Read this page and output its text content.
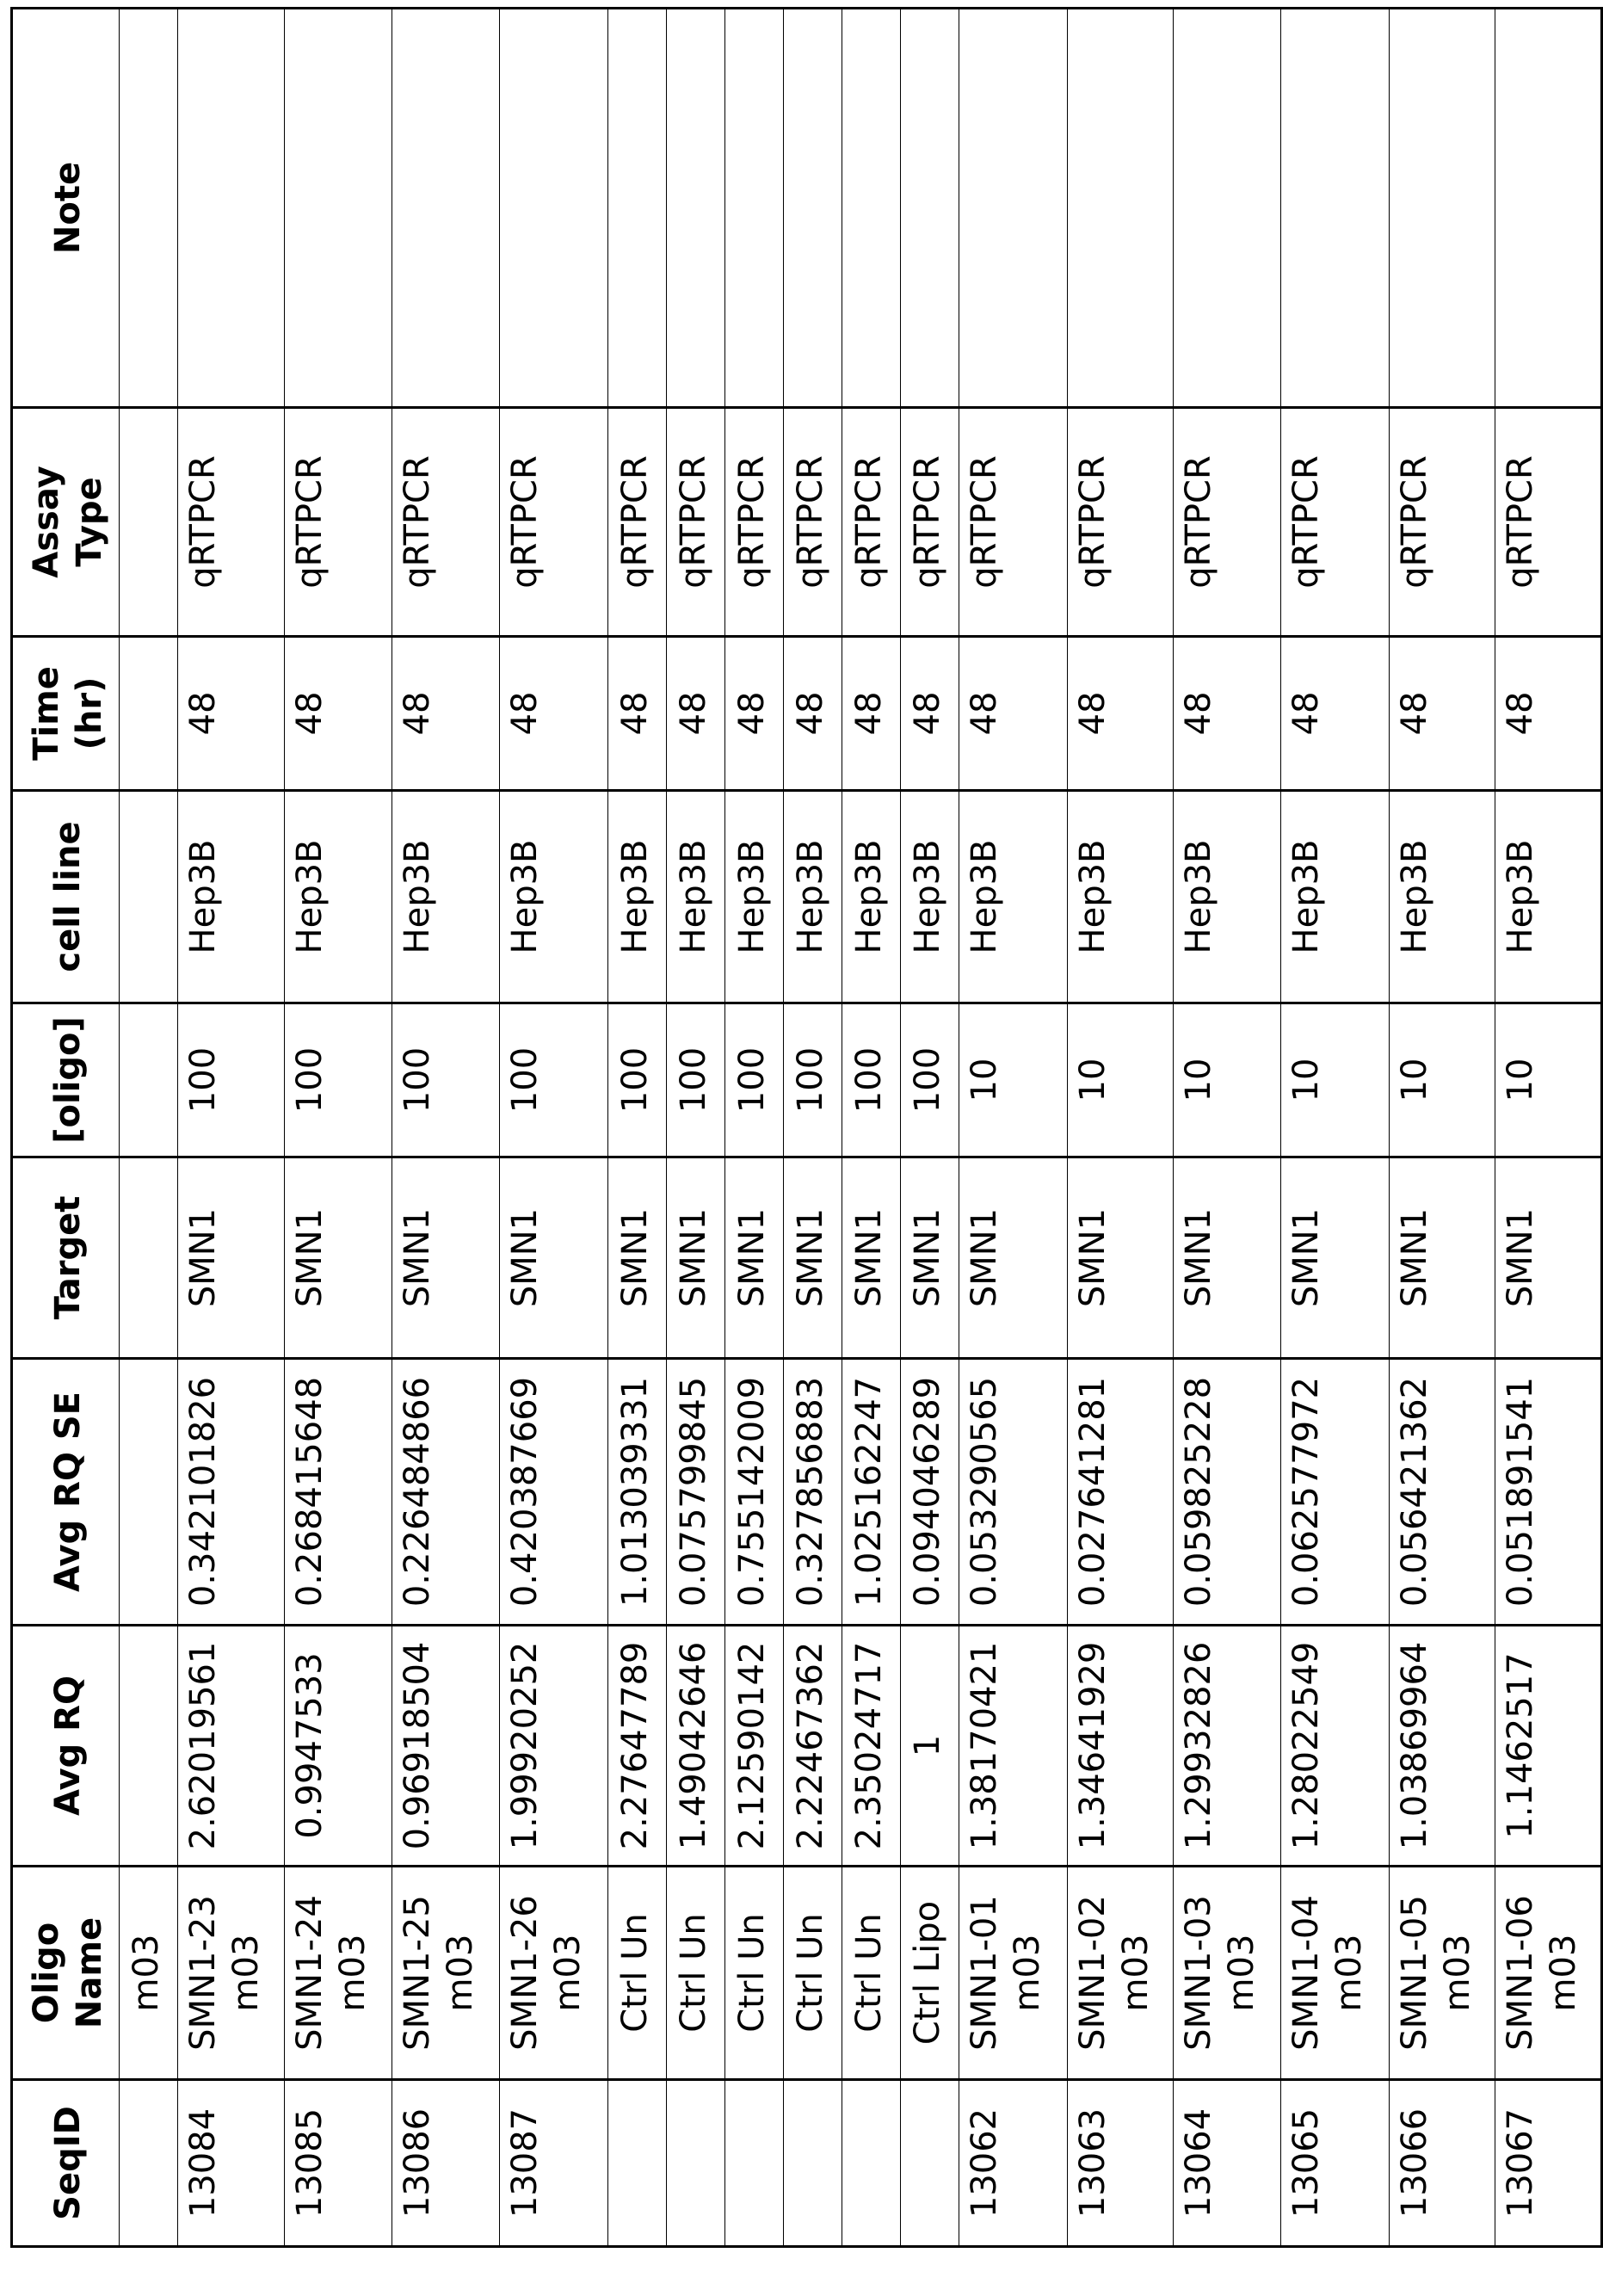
SeqID	Oligo
Name	Avg RQ	Avg RQ SE	Target	[oligo]	cell line	Time
(hr)	Assay
Type	Note
	m03								
13084	SMN1-23
m03	2.62019561	0.342101826	SMN1	100	Hep3B	48	qRTPCR	
13085	SMN1-24
m03	0.9947533	0.268415648	SMN1	100	Hep3B	48	qRTPCR	
13086	SMN1-25
m03	0.96918504	0.226484866	SMN1	100	Hep3B	48	qRTPCR	
13087	SMN1-26
m03	1.99920252	0.420387669	SMN1	100	Hep3B	48	qRTPCR	
	Ctrl Un	2.27647789	1.013039331	SMN1	100	Hep3B	48	qRTPCR	
	Ctrl Un	1.49042646	0.075799845	SMN1	100	Hep3B	48	qRTPCR	
	Ctrl Un	2.12590142	0.755142009	SMN1	100	Hep3B	48	qRTPCR	
	Ctrl Un	2.22467362	0.327856883	SMN1	100	Hep3B	48	qRTPCR	
	Ctrl Un	2.35024717	1.025162247	SMN1	100	Hep3B	48	qRTPCR	
	Ctrl Lipo	1	0.094046289	SMN1	100	Hep3B	48	qRTPCR	
13062	SMN1-01
m03	1.38170421	0.053290565	SMN1	10	Hep3B	48	qRTPCR	
13063	SMN1-02
m03	1.34641929	0.027641281	SMN1	10	Hep3B	48	qRTPCR	
13064	SMN1-03
m03	1.29932826	0.059825228	SMN1	10	Hep3B	48	qRTPCR	
13065	SMN1-04
m03	1.28022549	0.062577972	SMN1	10	Hep3B	48	qRTPCR	
13066	SMN1-05
m03	1.03869964	0.056421362	SMN1	10	Hep3B	48	qRTPCR	
13067	SMN1-06
m03	1.1462517	0.051891541	SMN1	10	Hep3B	48	qRTPCR	
